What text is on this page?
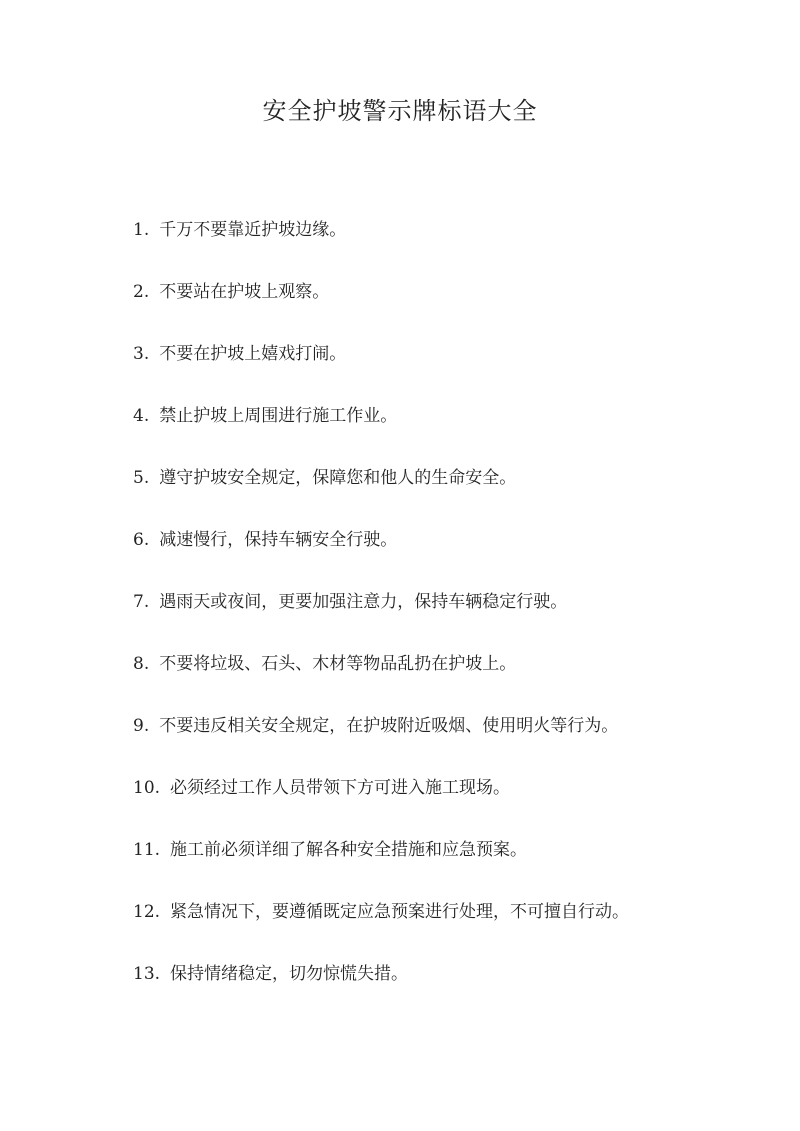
安全护坡警示牌标语大全
1. 千万不要靠近护坡边缘。
2. 不要站在护坡上观察。
3. 不要在护坡上嬉戏打闹。
4. 禁止护坡上周围进行施工作业。
5. 遵守护坡安全规定，保障您和他人的生命安全。
6. 减速慢行，保持车辆安全行驶。
7. 遇雨天或夜间，更要加强注意力，保持车辆稳定行驶。
8. 不要将垃圾、石头、木材等物品乱扔在护坡上。
9. 不要违反相关安全规定，在护坡附近吸烟、使用明火等行为。
10. 必须经过工作人员带领下方可进入施工现场。
11. 施工前必须详细了解各种安全措施和应急预案。
12. 紧急情况下，要遵循既定应急预案进行处理，不可擅自行动。
13. 保持情绪稳定，切勿惊慌失措。
